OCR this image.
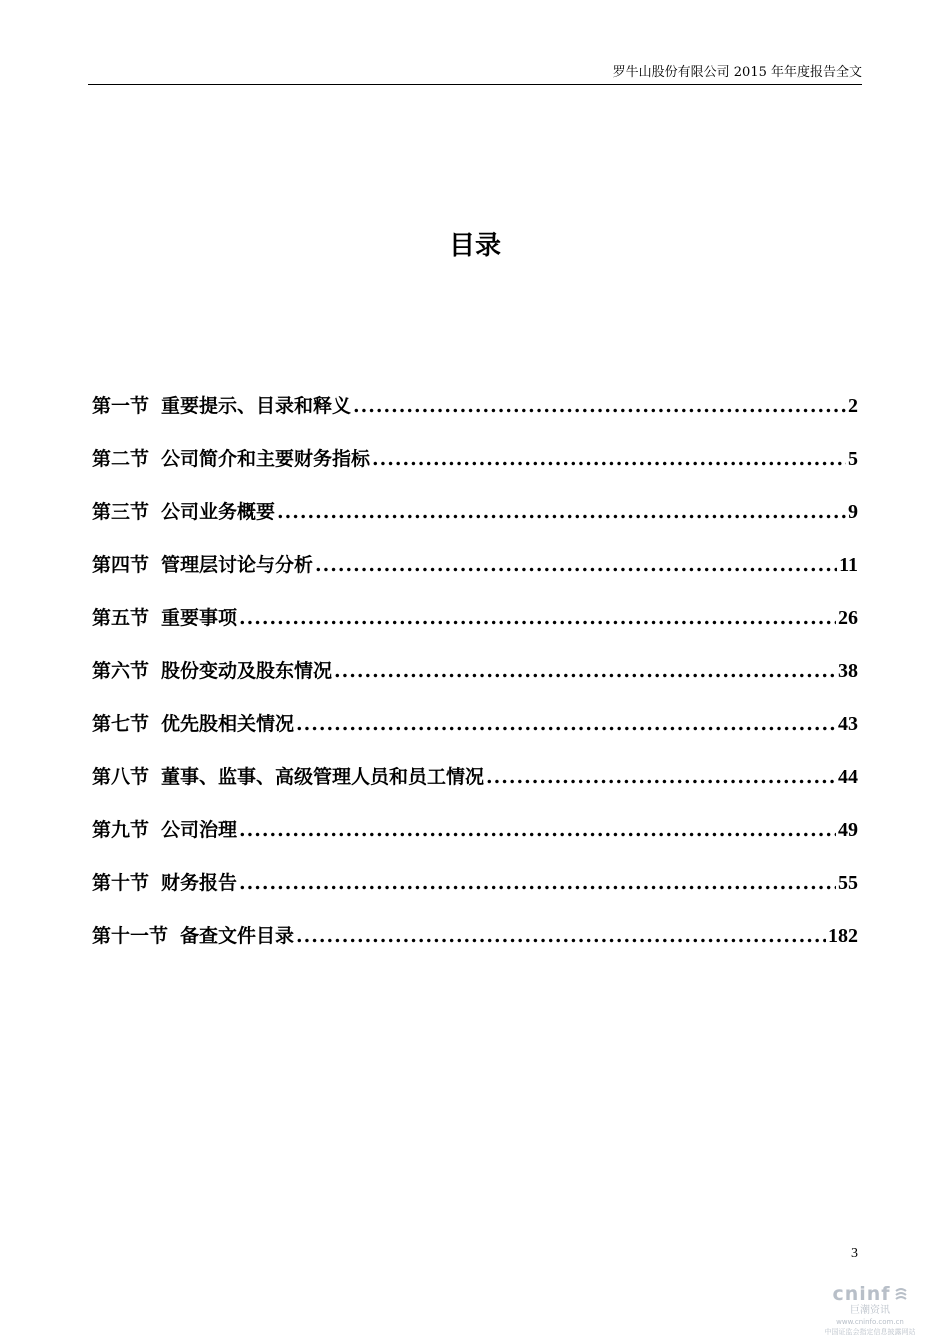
罗牛山股份有限公司 2015 年年度报告全文
目录
第一节 重要提示、目录和释义 .....	2
第二节 公司简介和主要财务指标 .....	5
第三节 公司业务概要 .....	9
第四节 管理层讨论与分析 .....	11
第五节 重要事项 .....	26
第六节 股份变动及股东情况 .....	38
第七节 优先股相关情况 .....	43
第八节 董事、监事、高级管理人员和员工情况 .....	44
第九节 公司治理 .....	49
第十节 财务报告 .....	55
第十一节 备查文件目录 .....	182
3
cninf
巨潮资讯
www.cninfo.com.cn
中国证监会指定信息披露网站
